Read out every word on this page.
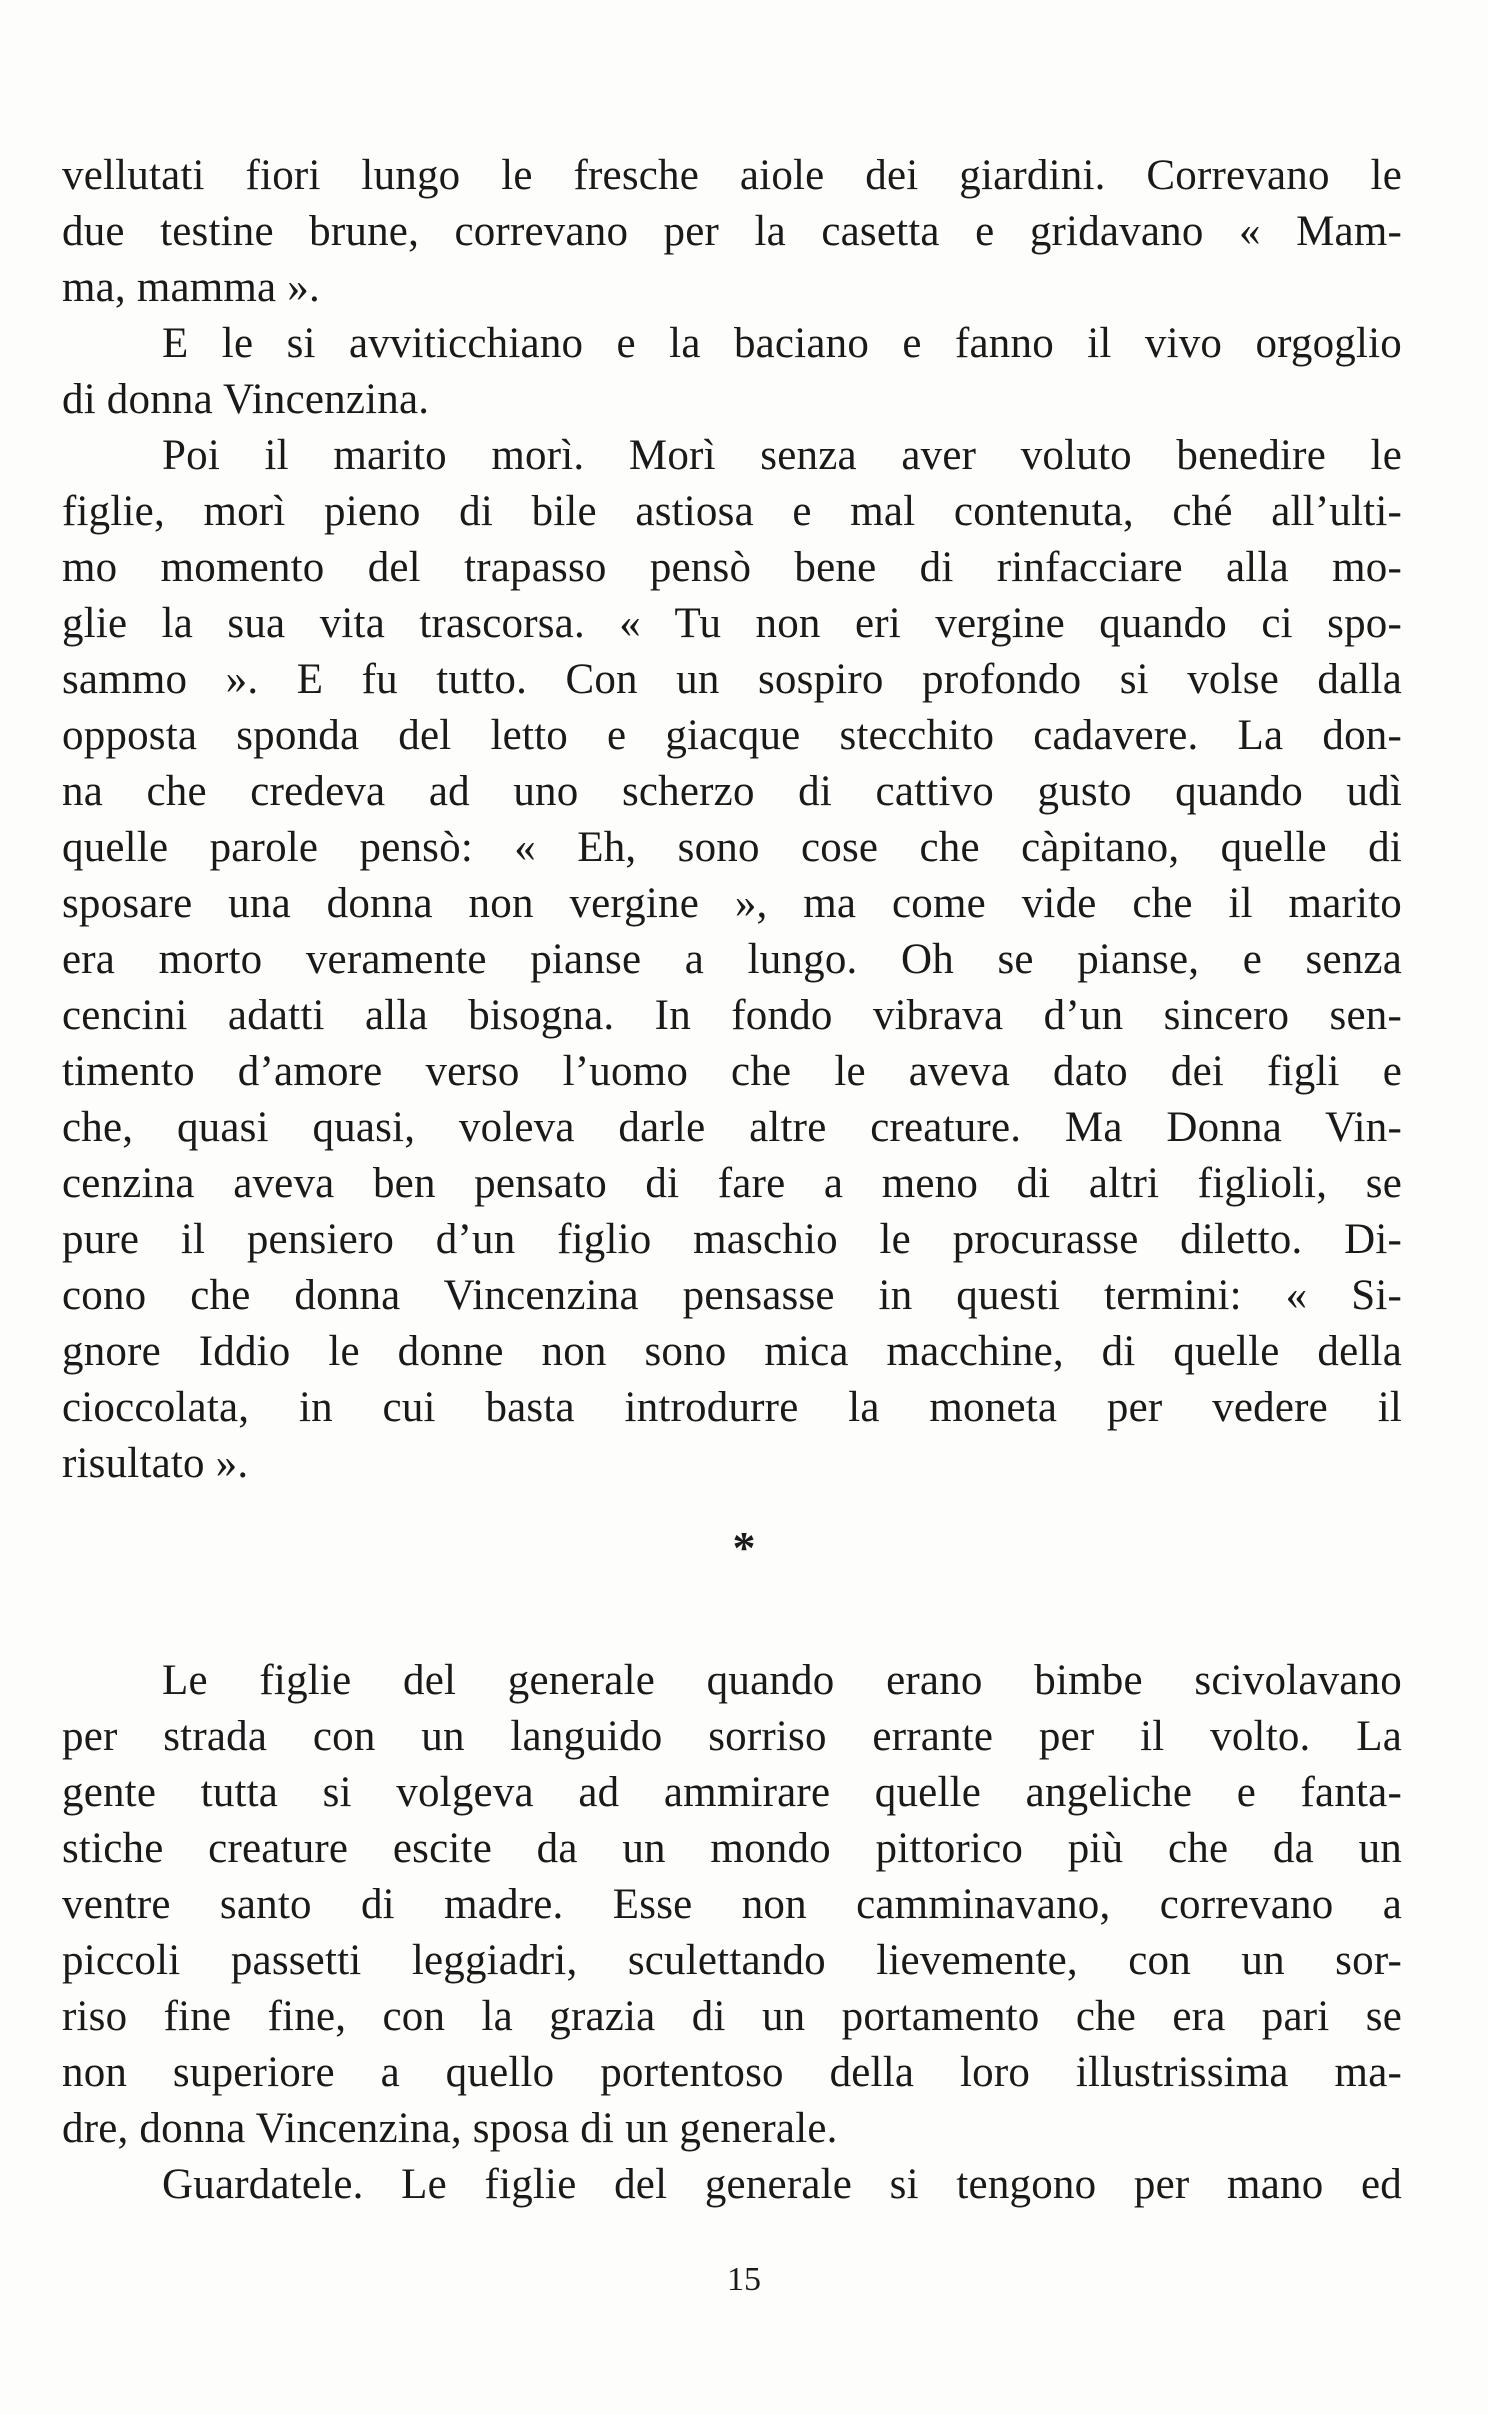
vellutati fiori lungo le fresche aiole dei giardini. Correvano le
due testine brune, correvano per la casetta e gridavano « Mam-
ma, mamma ».
E le si avviticchiano e la baciano e fanno il vivo orgoglio
di donna Vincenzina.
Poi il marito morì. Morì senza aver voluto benedire le
figlie, morì pieno di bile astiosa e mal contenuta, ché all’ulti-
mo momento del trapasso pensò bene di rinfacciare alla mo-
glie la sua vita trascorsa. « Tu non eri vergine quando ci spo-
sammo ». E fu tutto. Con un sospiro profondo si volse dalla
opposta sponda del letto e giacque stecchito cadavere. La don-
na che credeva ad uno scherzo di cattivo gusto quando udì
quelle parole pensò: « Eh, sono cose che càpitano, quelle di
sposare una donna non vergine », ma come vide che il marito
era morto veramente pianse a lungo. Oh se pianse, e senza
cencini adatti alla bisogna. In fondo vibrava d’un sincero sen-
timento d’amore verso l’uomo che le aveva dato dei figli e
che, quasi quasi, voleva darle altre creature. Ma Donna Vin-
cenzina aveva ben pensato di fare a meno di altri figlioli, se
pure il pensiero d’un figlio maschio le procurasse diletto. Di-
cono che donna Vincenzina pensasse in questi termini: « Si-
gnore Iddio le donne non sono mica macchine, di quelle della
cioccolata, in cui basta introdurre la moneta per vedere il
risultato ».
*
Le figlie del generale quando erano bimbe scivolavano
per strada con un languido sorriso errante per il volto. La
gente tutta si volgeva ad ammirare quelle angeliche e fanta-
stiche creature escite da un mondo pittorico più che da un
ventre santo di madre. Esse non camminavano, correvano a
piccoli passetti leggiadri, sculettando lievemente, con un sor-
riso fine fine, con la grazia di un portamento che era pari se
non superiore a quello portentoso della loro illustrissima ma-
dre, donna Vincenzina, sposa di un generale.
Guardatele. Le figlie del generale si tengono per mano ed
15
